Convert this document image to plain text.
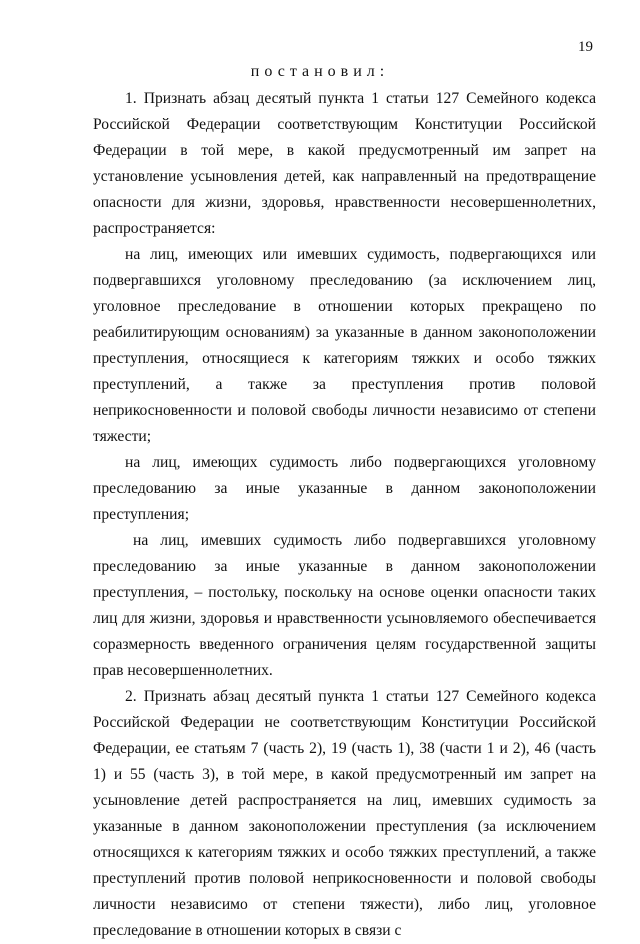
19
постановил:

1. Признать абзац десятый пункта 1 статьи 127 Семейного кодекса Российской Федерации соответствующим Конституции Российской Федерации в той мере, в какой предусмотренный им запрет на установление усыновления детей, как направленный на предотвращение опасности для жизни, здоровья, нравственности несовершеннолетних, распространяется:

на лиц, имеющих или имевших судимость, подвергающихся или подвергавшихся уголовному преследованию (за исключением лиц, уголовное преследование в отношении которых прекращено по реабилитирующим основаниям) за указанные в данном законоположении преступления, относящиеся к категориям тяжких и особо тяжких преступлений, а также за преступления против половой неприкосновенности и половой свободы личности независимо от степени тяжести;

на лиц, имеющих судимость либо подвергающихся уголовному преследованию за иные указанные в данном законоположении преступления;

на лиц, имевших судимость либо подвергавшихся уголовному преследованию за иные указанные в данном законоположении преступления, – постольку, поскольку на основе оценки опасности таких лиц для жизни, здоровья и нравственности усыновляемого обеспечивается соразмерность введенного ограничения целям государственной защиты прав несовершеннолетних.

2. Признать абзац десятый пункта 1 статьи 127 Семейного кодекса Российской Федерации не соответствующим Конституции Российской Федерации, ее статьям 7 (часть 2), 19 (часть 1), 38 (части 1 и 2), 46 (часть 1) и 55 (часть 3), в той мере, в какой предусмотренный им запрет на усыновление детей распространяется на лиц, имевших судимость за указанные в данном законоположении преступления (за исключением относящихся к категориям тяжких и особо тяжких преступлений, а также преступлений против половой неприкосновенности и половой свободы личности независимо от степени тяжести), либо лиц, уголовное преследование в отношении которых в связи с
